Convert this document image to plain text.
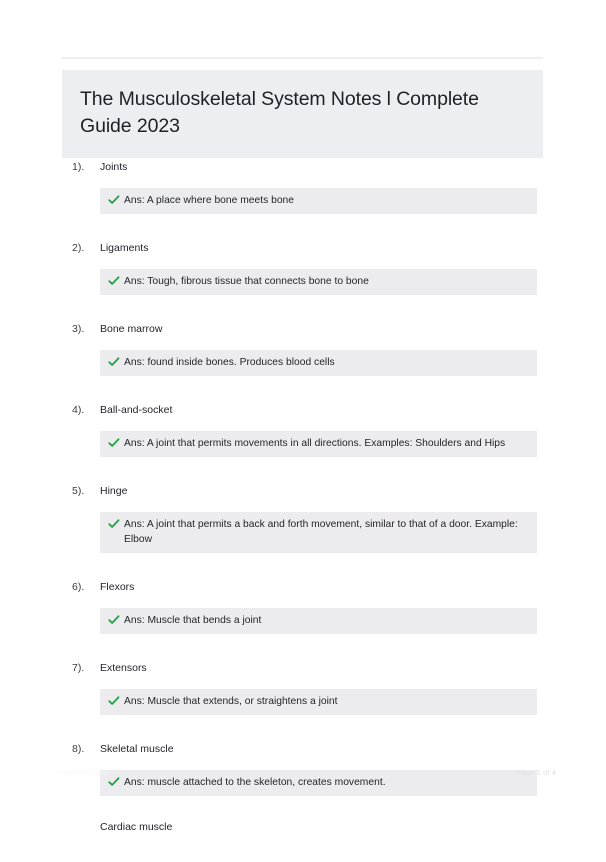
The Musculoskeletal System Notes l Complete Guide 2023
1).	Joints
Ans: A place where bone meets bone
2).	Ligaments
Ans: Tough, fibrous tissue that connects bone to bone
3).	Bone marrow
Ans: found inside bones. Produces blood cells
4).	Ball-and-socket
Ans: A joint that permits movements in all directions. Examples: Shoulders and Hips
5).	Hinge
Ans: A joint that permits a back and forth movement, similar to that of a door. Example: Elbow
6).	Flexors
Ans: Muscle that bends a joint
7).	Extensors
Ans: Muscle that extends, or straightens a joint
8).	Skeletal muscle
Ans: muscle attached to the skeleton, creates movement.
Cardiac muscle
PaperStic.com	Page 1 of 4
